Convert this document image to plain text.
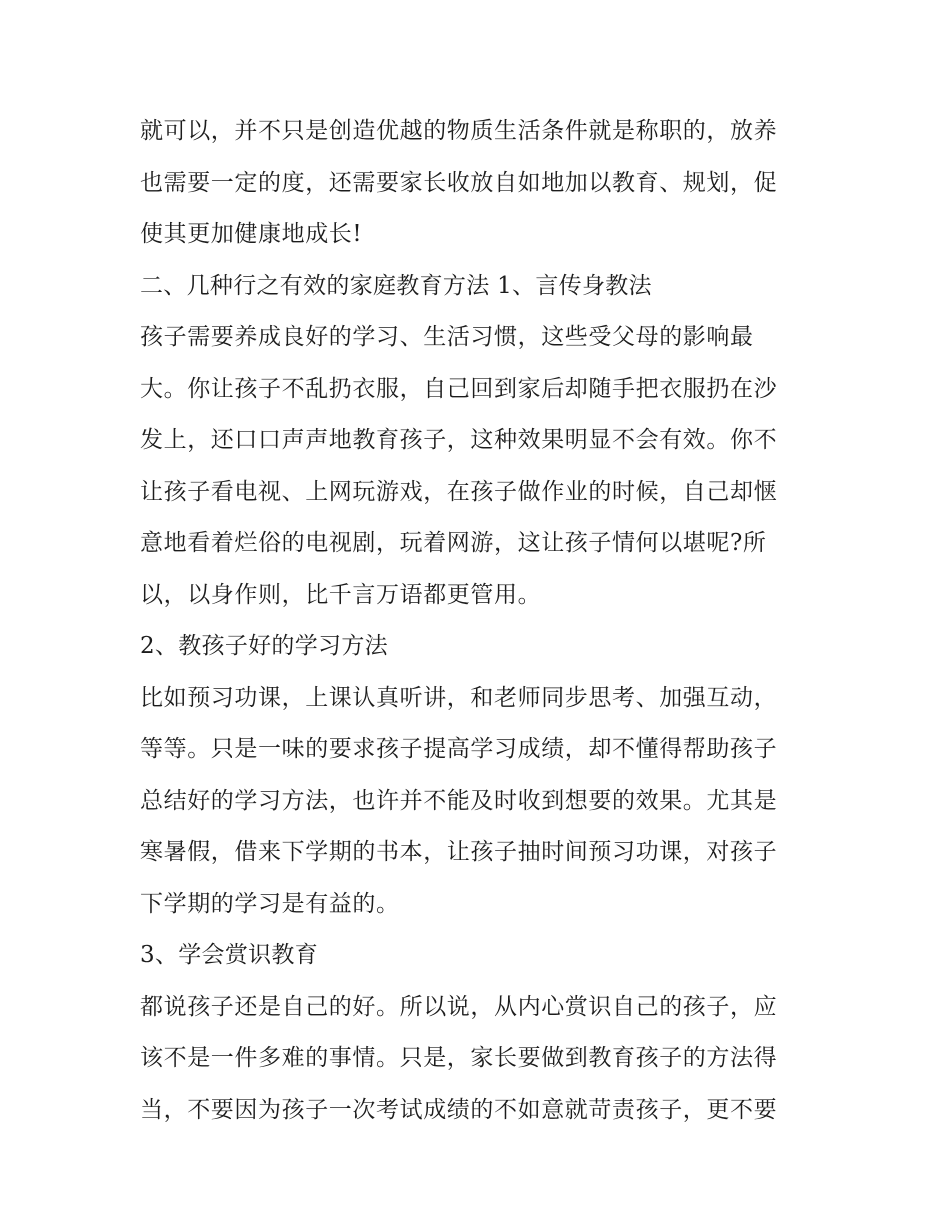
就可以，并不只是创造优越的物质生活条件就是称职的，放养
也需要一定的度，还需要家长收放自如地加以教育、规划，促
使其更加健康地成长!
二、几种行之有效的家庭教育方法 1、言传身教法
孩子需要养成良好的学习、生活习惯，这些受父母的影响最
大。你让孩子不乱扔衣服，自己回到家后却随手把衣服扔在沙
发上，还口口声声地教育孩子，这种效果明显不会有效。你不
让孩子看电视、上网玩游戏，在孩子做作业的时候，自己却惬
意地看着烂俗的电视剧，玩着网游，这让孩子情何以堪呢?所
以，以身作则，比千言万语都更管用。
2、教孩子好的学习方法
比如预习功课，上课认真听讲，和老师同步思考、加强互动，
等等。只是一味的要求孩子提高学习成绩，却不懂得帮助孩子
总结好的学习方法，也许并不能及时收到想要的效果。尤其是
寒暑假，借来下学期的书本，让孩子抽时间预习功课，对孩子
下学期的学习是有益的。
3、学会赏识教育
都说孩子还是自己的好。所以说，从内心赏识自己的孩子，应
该不是一件多难的事情。只是，家长要做到教育孩子的方法得
当，不要因为孩子一次考试成绩的不如意就苛责孩子，更不要
